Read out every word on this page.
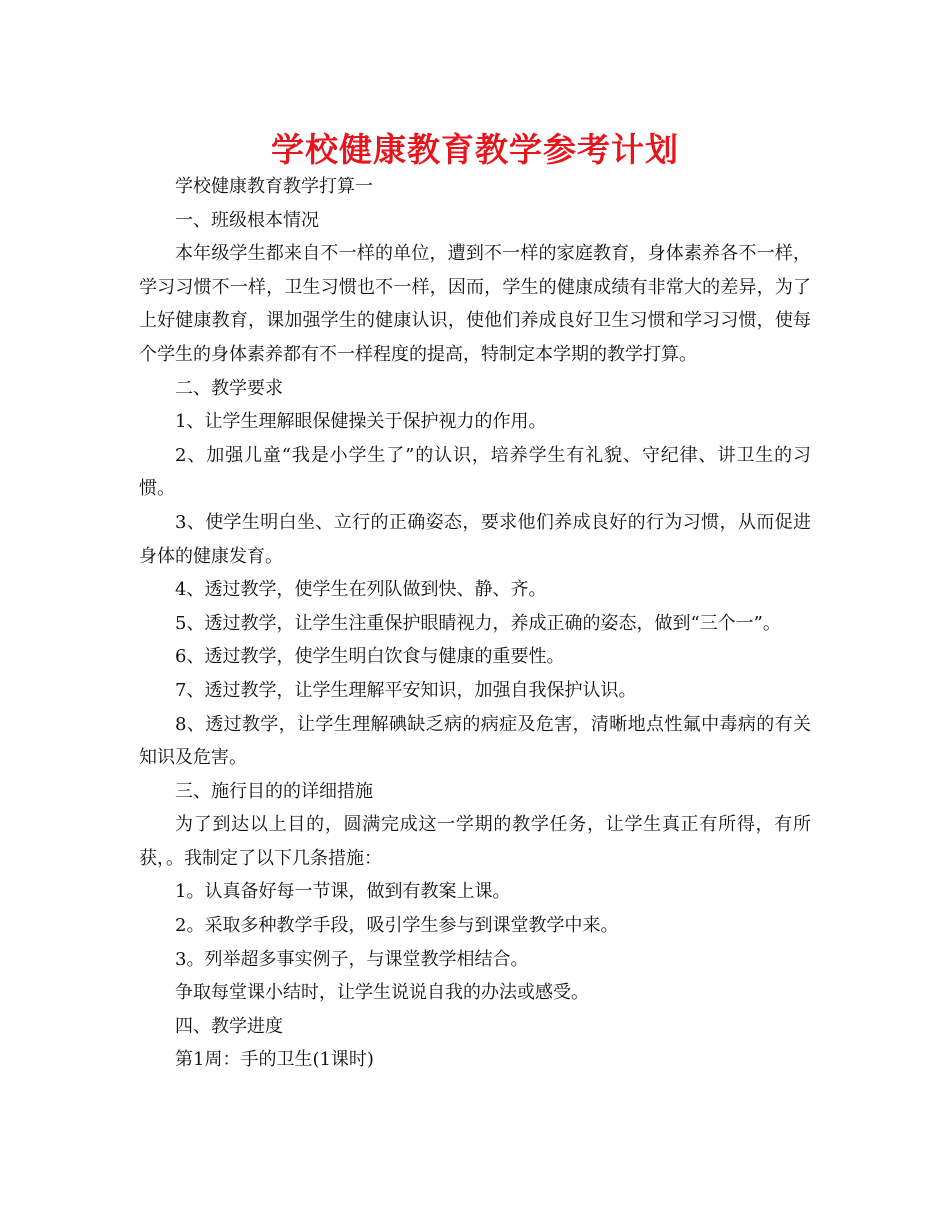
学校健康教育教学参考计划

学校健康教育教学打算一

一、班级根本情况

本年级学生都来自不一样的单位，遭到不一样的家庭教育，身体素养各不一样，学习习惯不一样，卫生习惯也不一样，因而，学生的健康成绩有非常大的差异，为了上好健康教育，课加强学生的健康认识，使他们养成良好卫生习惯和学习习惯，使每个学生的身体素养都有不一样程度的提高，特制定本学期的教学打算。

二、教学要求

1、让学生理解眼保健操关于保护视力的作用。

2、加强儿童“我是小学生了”的认识，培养学生有礼貌、守纪律、讲卫生的习惯。

3、使学生明白坐、立行的正确姿态，要求他们养成良好的行为习惯，从而促进身体的健康发育。

4、透过教学，使学生在列队做到快、静、齐。

5、透过教学，让学生注重保护眼睛视力，养成正确的姿态，做到“三个一”。

6、透过教学，使学生明白饮食与健康的重要性。

7、透过教学，让学生理解平安知识，加强自我保护认识。

8、透过教学，让学生理解碘缺乏病的病症及危害，清晰地点性氟中毒病的有关知识及危害。

三、施行目的的详细措施

为了到达以上目的，圆满完成这一学期的教学任务，让学生真正有所得，有所获，。我制定了以下几条措施：

1。认真备好每一节课，做到有教案上课。

2。采取多种教学手段，吸引学生参与到课堂教学中来。

3。列举超多事实例子，与课堂教学相结合。

争取每堂课小结时，让学生说说自我的办法或感受。

四、教学进度

第1周：手的卫生(1课时)
